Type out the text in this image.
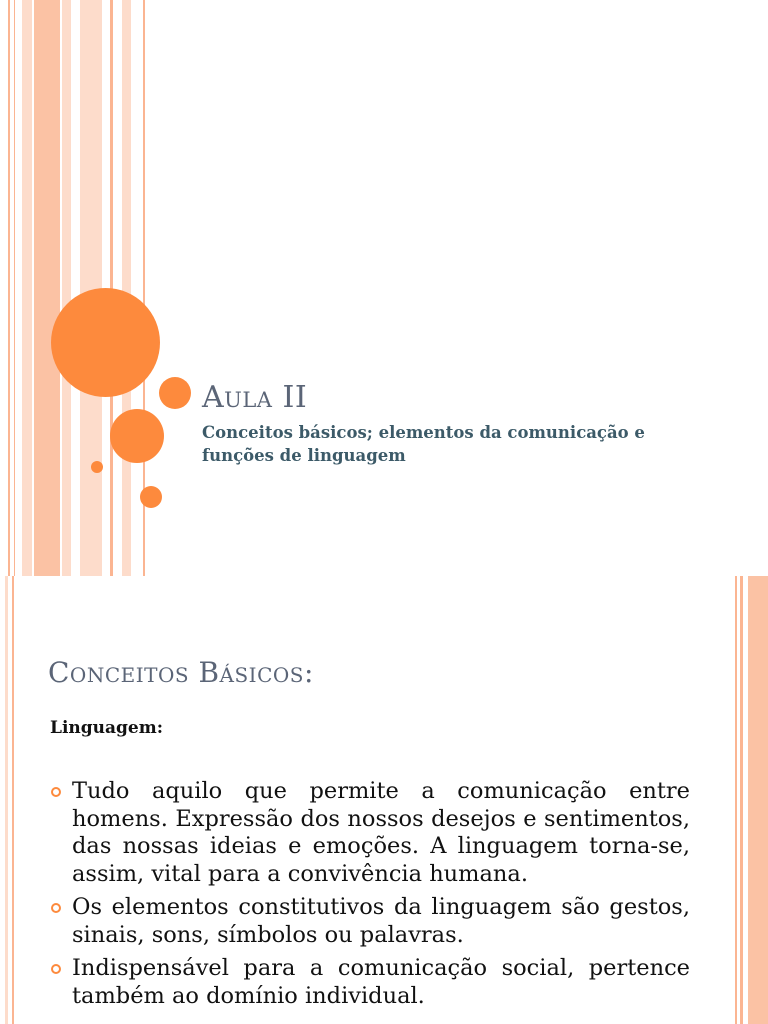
Aula II
Conceitos básicos; elementos da comunicação e funções de linguagem
Conceitos Básicos:
Linguagem:
Tudo aquilo que permite a comunicação entre homens. Expressão dos nossos desejos e sentimentos, das nossas ideias e emoções. A linguagem torna-se, assim, vital para a convivência humana.
Os elementos constitutivos da linguagem são gestos, sinais, sons, símbolos ou palavras.
Indispensável para a comunicação social, pertence também ao domínio individual.
